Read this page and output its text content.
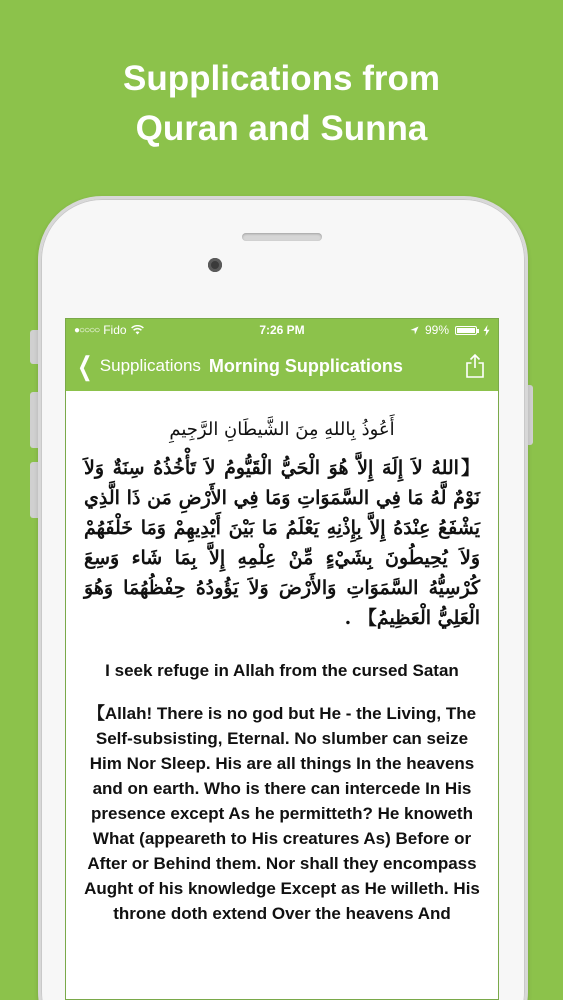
Supplications from
Quran and Sunna
●○○○○ Fido	7:26 PM	99%
❮ Supplications Morning Supplications
أَعُوذُ بِاللهِ مِنَ الشَّيطَانِ الرَّجِيمِ
【اللهُ لاَ إِلَهَ إِلاَّ هُوَ الْحَيُّ الْقَيُّومُ لاَ تَأْخُذُهُ سِنَةٌ وَلاَ نَوْمٌ لَّهُ مَا فِي السَّمَوَاتِ وَمَا فِي الأَرْضِ مَن ذَا الَّذِي يَشْفَعُ عِنْدَهُ إِلاَّ بِإِذْنِهِ يَعْلَمُ مَا بَيْنَ أَيْدِيهِمْ وَمَا خَلْفَهُمْ وَلاَ يُحِيطُونَ بِشَيْءٍ مِّنْ عِلْمِهِ إِلاَّ بِمَا شَاء وَسِعَ كُرْسِيُّهُ السَّمَوَاتِ وَالأَرْضَ وَلاَ يَؤُودُهُ حِفْظُهُمَا وَهُوَ الْعَلِيُّ الْعَظِيمُ】 .
I seek refuge in Allah from the cursed Satan
【Allah! There is no god but He - the Living, The Self-subsisting, Eternal. No slumber can seize Him Nor Sleep. His are all things In the heavens and on earth. Who is there can intercede In His presence except As he permitteth? He knoweth What (appeareth to His creatures As) Before or After or Behind them. Nor shall they encompass Aught of his knowledge Except as He willeth. His throne doth extend Over the heavens And
